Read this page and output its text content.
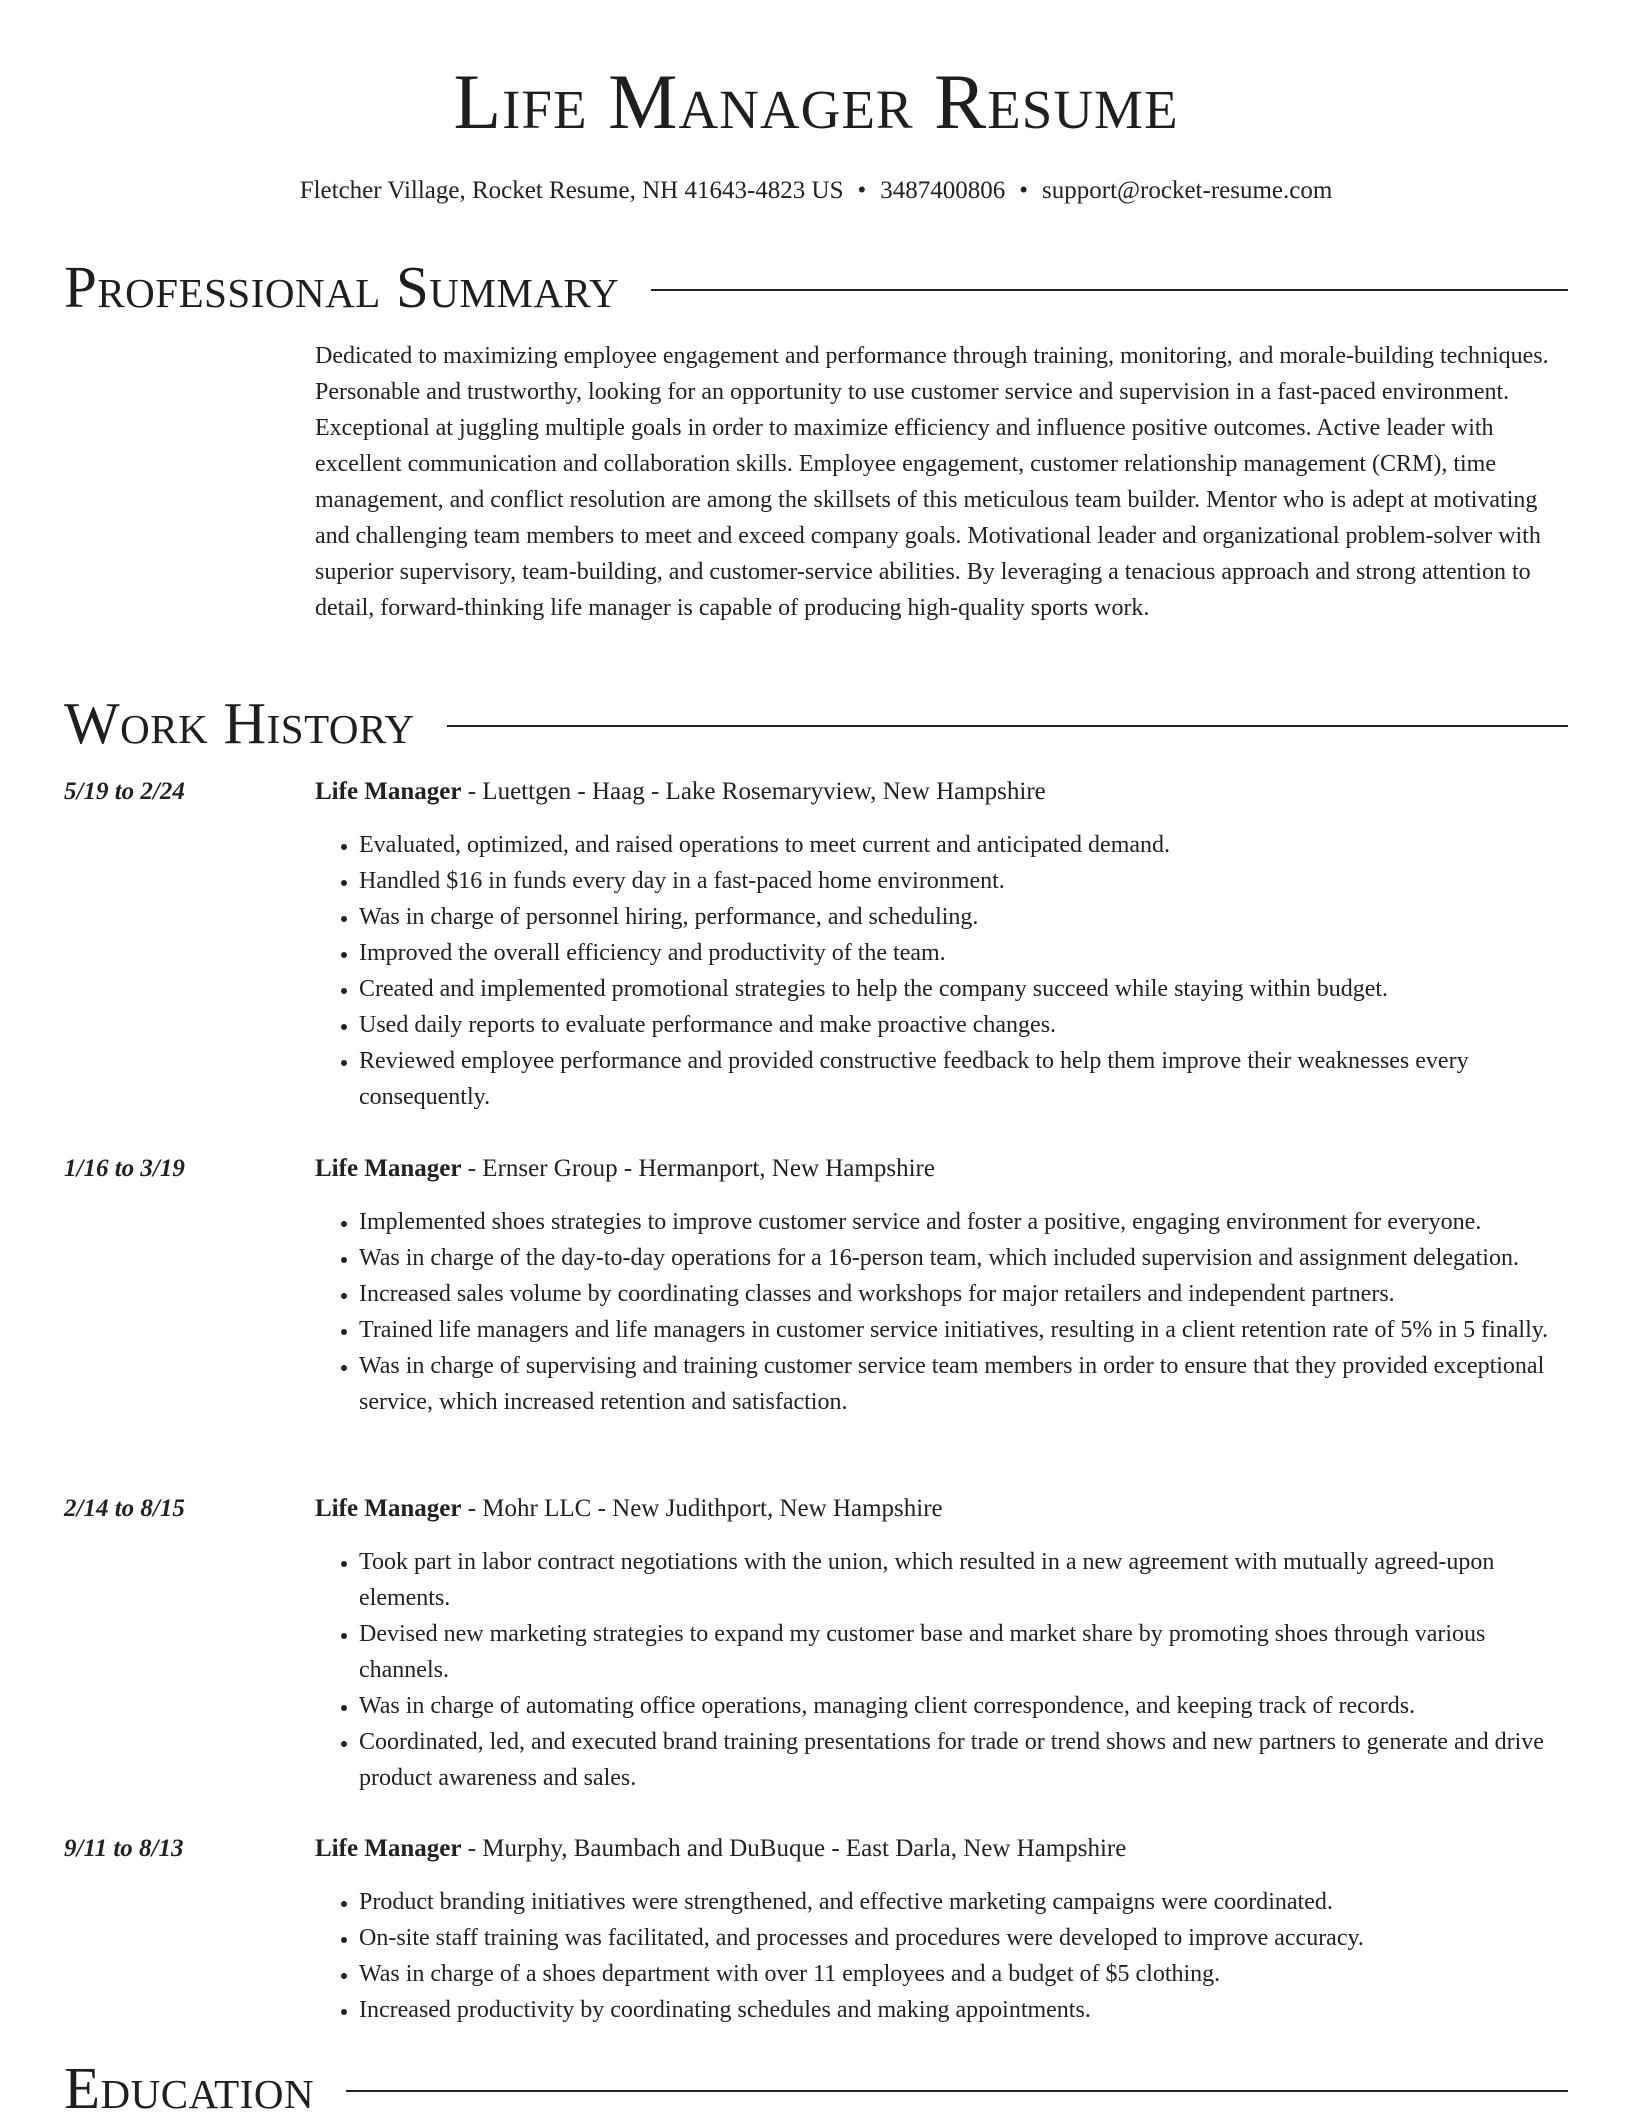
Life Manager Resume
Fletcher Village, Rocket Resume, NH 41643-4823 US • 3487400806 • support@rocket-resume.com
Professional Summary

Dedicated to maximizing employee engagement and performance through training, monitoring, and morale-building techniques. Personable and trustworthy, looking for an opportunity to use customer service and supervision in a fast-paced environment. Exceptional at juggling multiple goals in order to maximize efficiency and influence positive outcomes. Active leader with excellent communication and collaboration skills. Employee engagement, customer relationship management (CRM), time management, and conflict resolution are among the skillsets of this meticulous team builder. Mentor who is adept at motivating and challenging team members to meet and exceed company goals. Motivational leader and organizational problem-solver with superior supervisory, team-building, and customer-service abilities. By leveraging a tenacious approach and strong attention to detail, forward-thinking life manager is capable of producing high-quality sports work.

Work History
5/19 to 2/24	Life Manager - Luettgen - Haag - Lake Rosemaryview, New Hampshire
• Evaluated, optimized, and raised operations to meet current and anticipated demand.
• Handled $16 in funds every day in a fast-paced home environment.
• Was in charge of personnel hiring, performance, and scheduling.
• Improved the overall efficiency and productivity of the team.
• Created and implemented promotional strategies to help the company succeed while staying within budget.
• Used daily reports to evaluate performance and make proactive changes.
• Reviewed employee performance and provided constructive feedback to help them improve their weaknesses every consequently.
1/16 to 3/19	Life Manager - Ernser Group - Hermanport, New Hampshire
• Implemented shoes strategies to improve customer service and foster a positive, engaging environment for everyone.
• Was in charge of the day-to-day operations for a 16-person team, which included supervision and assignment delegation.
• Increased sales volume by coordinating classes and workshops for major retailers and independent partners.
• Trained life managers and life managers in customer service initiatives, resulting in a client retention rate of 5% in 5 finally.
• Was in charge of supervising and training customer service team members in order to ensure that they provided exceptional service, which increased retention and satisfaction.
2/14 to 8/15	Life Manager - Mohr LLC - New Judithport, New Hampshire
• Took part in labor contract negotiations with the union, which resulted in a new agreement with mutually agreed-upon elements.
• Devised new marketing strategies to expand my customer base and market share by promoting shoes through various channels.
• Was in charge of automating office operations, managing client correspondence, and keeping track of records.
• Coordinated, led, and executed brand training presentations for trade or trend shows and new partners to generate and drive product awareness and sales.
9/11 to 8/13	Life Manager - Murphy, Baumbach and DuBuque - East Darla, New Hampshire
• Product branding initiatives were strengthened, and effective marketing campaigns were coordinated.
• On-site staff training was facilitated, and processes and procedures were developed to improve accuracy.
• Was in charge of a shoes department with over 11 employees and a budget of $5 clothing.
• Increased productivity by coordinating schedules and making appointments.
Education
